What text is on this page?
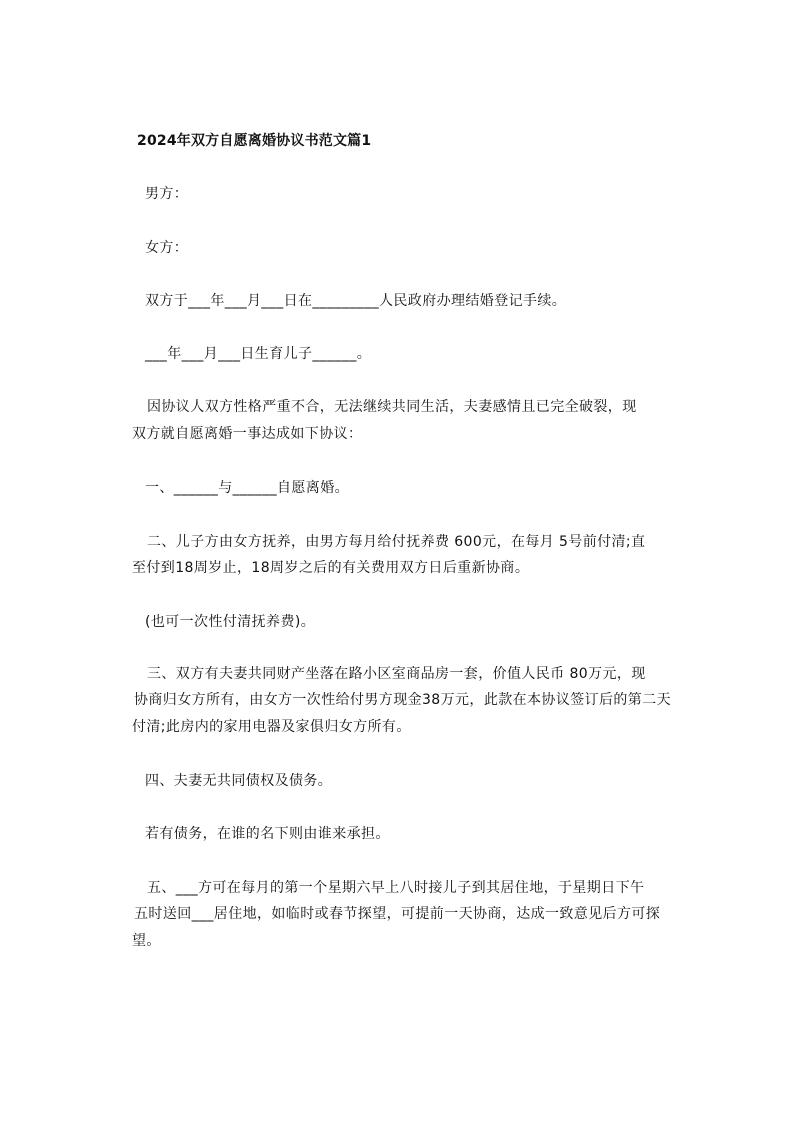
2024年双方自愿离婚协议书范文篇1
男方：
女方：
双方于___年___月___日在_________人民政府办理结婚登记手续。
___年___月___日生育儿子______。
因协议人双方性格严重不合，无法继续共同生活，夫妻感情且已完全破裂，现
双方就自愿离婚一事达成如下协议：
一、______与______自愿离婚。
二、儿子方由女方抚养，由男方每月给付抚养费 600元，在每月 5号前付清;直
至付到18周岁止，18周岁之后的有关费用双方日后重新协商。
(也可一次性付清抚养费)。
三、双方有夫妻共同财产坐落在路小区室商品房一套，价值人民币 80万元，现
协商归女方所有，由女方一次性给付男方现金38万元，此款在本协议签订后的第二天
付清;此房内的家用电器及家俱归女方所有。
四、夫妻无共同债权及债务。
若有债务，在谁的名下则由谁来承担。
五、___方可在每月的第一个星期六早上八时接儿子到其居住地，于星期日下午
五时送回___居住地，如临时或春节探望，可提前一天协商，达成一致意见后方可探
望。
